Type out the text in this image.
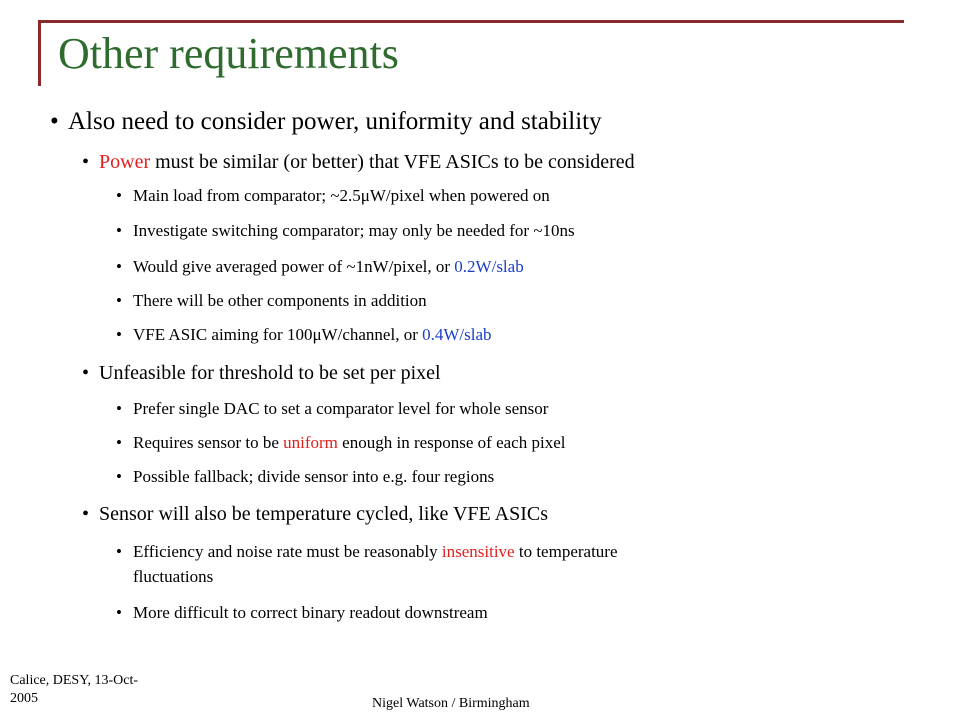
Other requirements
• Also need to consider power, uniformity and stability
• Power must be similar (or better) that VFE ASICs to be considered
• Main load from comparator; ~2.5μW/pixel when powered on
• Investigate switching comparator; may only be needed for ~10ns
• Would give averaged power of ~1nW/pixel, or 0.2W/slab
• There will be other components in addition
• VFE ASIC aiming for 100μW/channel, or 0.4W/slab
• Unfeasible for threshold to be set per pixel
• Prefer single DAC to set a comparator level for whole sensor
• Requires sensor to be uniform enough in response of each pixel
• Possible fallback; divide sensor into e.g. four regions
• Sensor will also be temperature cycled, like VFE ASICs
• Efficiency and noise rate must be reasonably insensitive to temperature
fluctuations
• More difficult to correct binary readout downstream
Calice, DESY, 13-Oct-
2005	Nigel Watson / Birmingham
